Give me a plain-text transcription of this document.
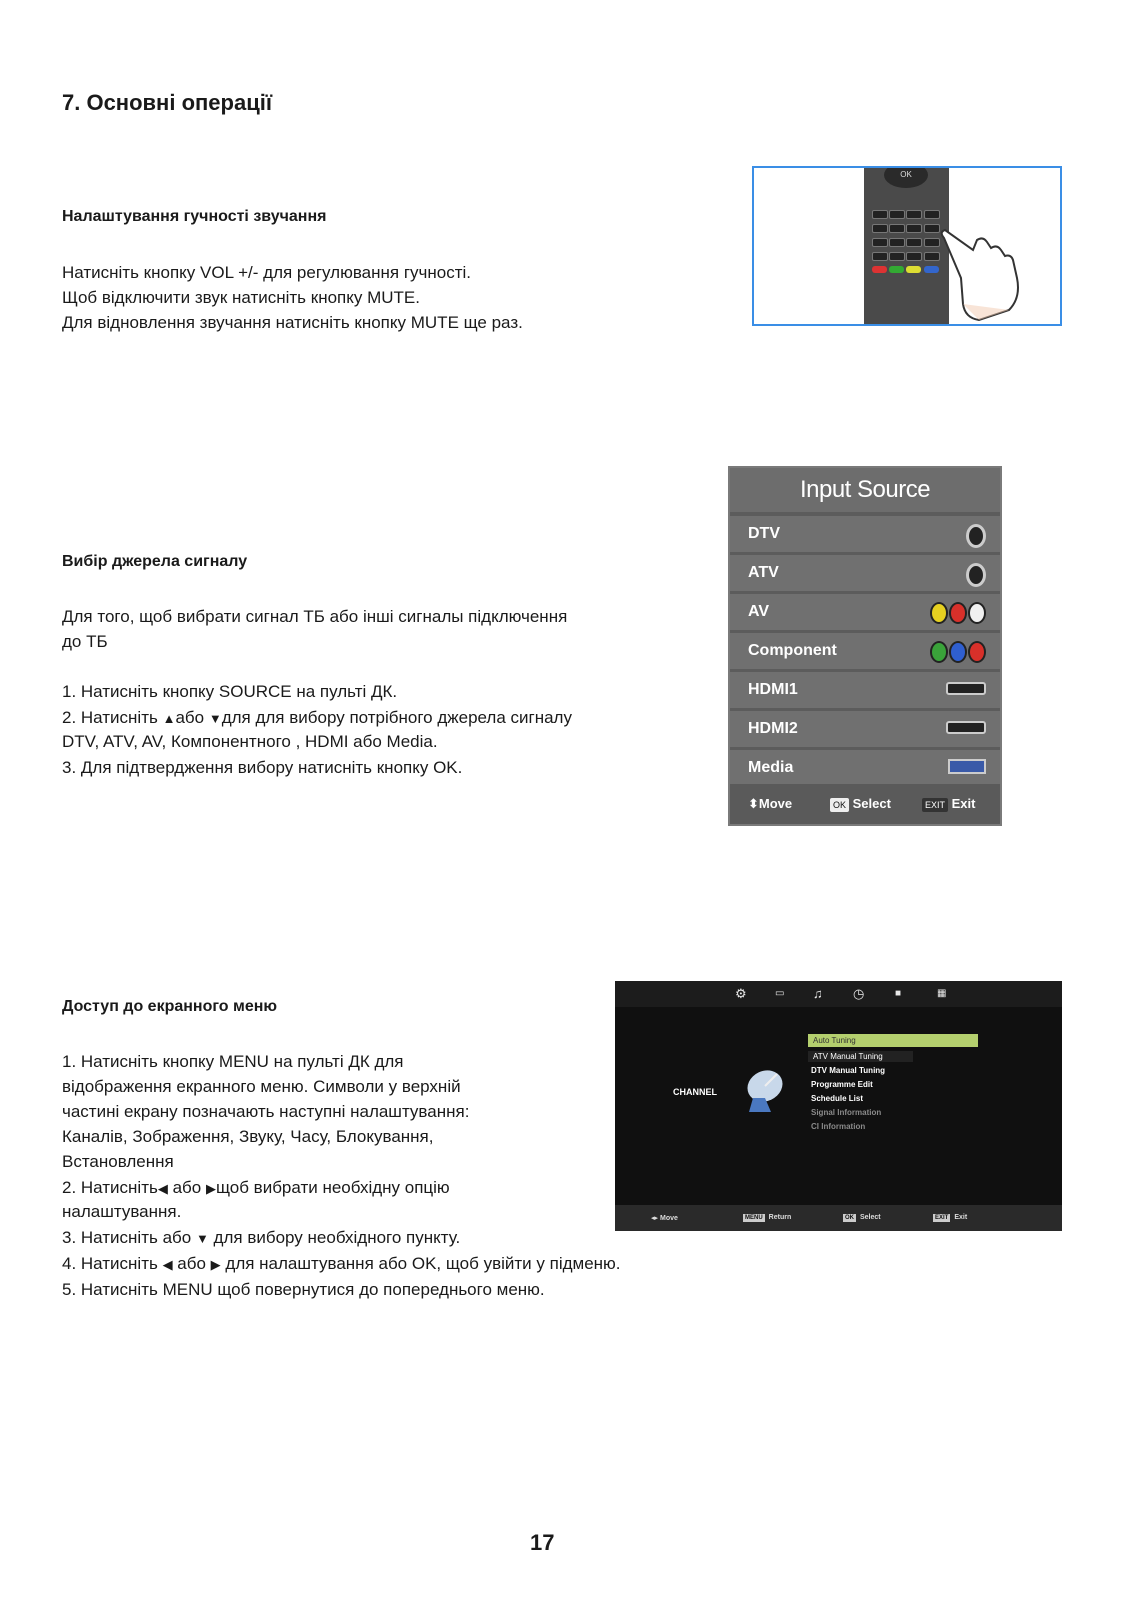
7. Основні операції
Налаштування гучності звучання
Натисніть кнопку VOL +/- для регулювання гучності.
Щоб відключити звук натисніть кнопку MUTE.
Для відновлення звучання натисніть кнопку MUTE ще раз.
OK
Вибір джерела сигналу
Для того, щоб вибрати сигнал ТБ або інші сигналы підключення
до ТБ
1. Натисніть кнопку SOURCE на пульті ДК.
2. Натисніть ▲або ▼для для вибору потрібного джерела сигналу
DTV, ATV, AV, Компонентного , HDMI або Media.
3. Для підтвердження вибору натисніть кнопку OK.
Input Source
DTV
ATV
AV
Component
HDMI1
HDMI2
Media
⬍Move	OK Select	EXIT Exit
Доступ до екранного меню
1. Натисніть кнопку MENU на пульті ДК для
відображення екранного меню. Символи у верхній
частині екрану позначають наступні налаштування:
Каналів, Зображення, Звуку, Часу, Блокування,
Встановлення
2. Натисніть◀ або ▶щоб вибрати необхідну опцію
налаштування.
3. Натисніть або ▼ для вибору необхідного пункту.
4. Натисніть ◀ або ▶ для налаштування або OK, щоб увійти у підменю.
5. Натисніть MENU щоб повернутися до попереднього меню.
⚙	▭ ♫ ◷	■	▦
CHANNEL
Auto Tuning
ATV Manual Tuning
DTV Manual Tuning
Programme Edit
Schedule List
Signal Information
CI Information
◂▸ Move	MENU Return	OK Select	EXIT Exit
17
